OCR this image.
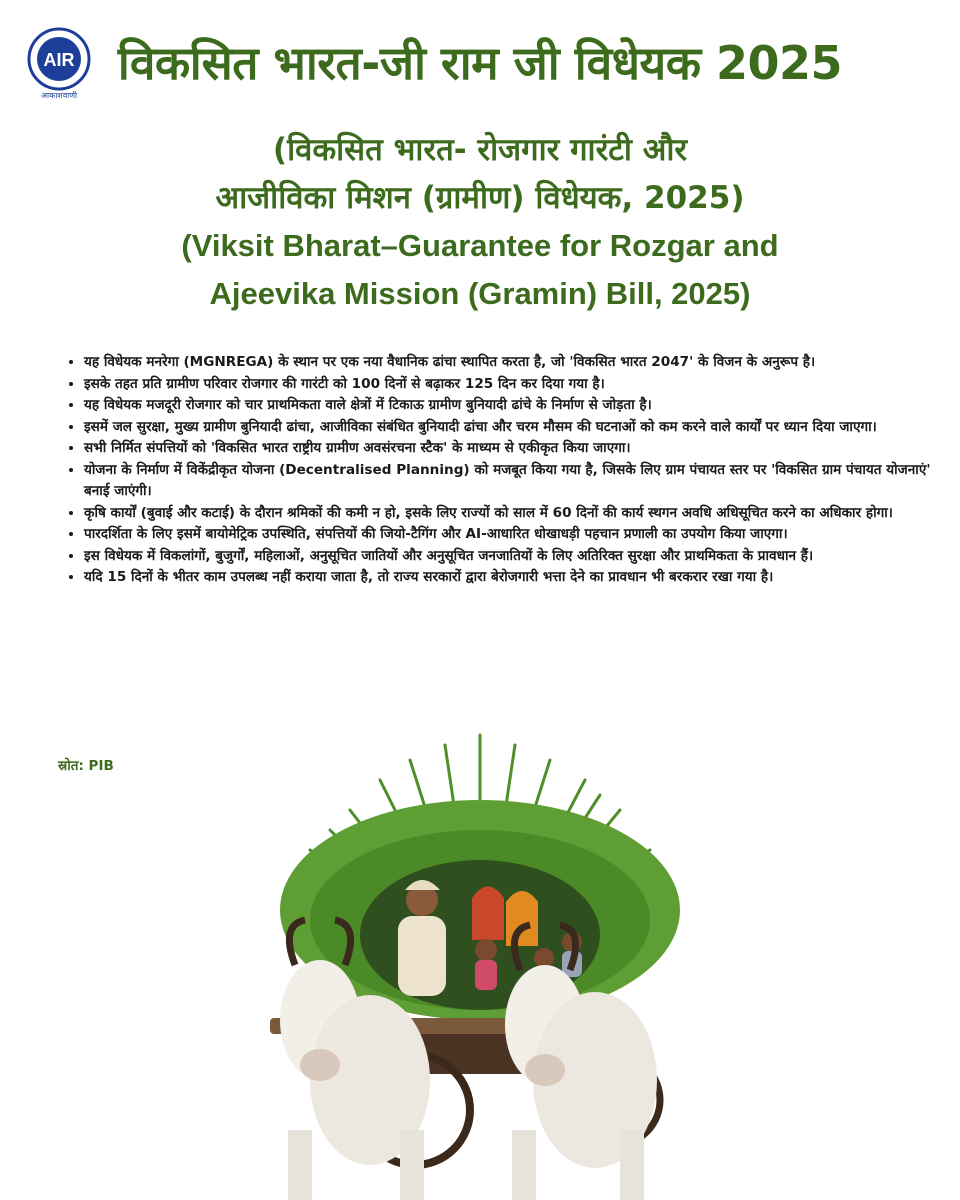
AIR
आकाशवाणी
विकसित भारत-जी राम जी विधेयक 2025
(विकसित भारत- रोजगार गारंटी और
आजीविका मिशन (ग्रामीण) विधेयक, 2025)
(Viksit Bharat–Guarantee for Rozgar and
Ajeevika Mission (Gramin) Bill, 2025)
• यह विधेयक मनरेगा (MGNREGA) के स्थान पर एक नया वैधानिक ढांचा स्थापित करता है, जो 'विकसित भारत 2047' के विजन के अनुरूप है।
• इसके तहत प्रति ग्रामीण परिवार रोजगार की गारंटी को 100 दिनों से बढ़ाकर 125 दिन कर दिया गया है।
• यह विधेयक मजदूरी रोजगार को चार प्राथमिकता वाले क्षेत्रों में टिकाऊ ग्रामीण बुनियादी ढांचे के निर्माण से जोड़ता है।
• इसमें जल सुरक्षा, मुख्य ग्रामीण बुनियादी ढांचा, आजीविका संबंधित बुनियादी ढांचा और चरम मौसम की घटनाओं को कम करने वाले कार्यों पर ध्यान दिया जाएगा।
• सभी निर्मित संपत्तियों को 'विकसित भारत राष्ट्रीय ग्रामीण अवसंरचना स्टैक' के माध्यम से एकीकृत किया जाएगा।
• योजना के निर्माण में विकेंद्रीकृत योजना (Decentralised Planning) को मजबूत किया गया है, जिसके लिए ग्राम पंचायत स्तर पर 'विकसित ग्राम पंचायत योजनाएं' बनाई जाएंगी।
• कृषि कार्यों (बुवाई और कटाई) के दौरान श्रमिकों की कमी न हो, इसके लिए राज्यों को साल में 60 दिनों की कार्य स्थगन अवधि अधिसूचित करने का अधिकार होगा।
• पारदर्शिता के लिए इसमें बायोमेट्रिक उपस्थिति, संपत्तियों की जियो-टैगिंग और AI-आधारित धोखाधड़ी पहचान प्रणाली का उपयोग किया जाएगा।
• इस विधेयक में विकलांगों, बुजुर्गों, महिलाओं, अनुसूचित जातियों और अनुसूचित जनजातियों के लिए अतिरिक्त सुरक्षा और प्राथमिकता के प्रावधान हैं।
• यदि 15 दिनों के भीतर काम उपलब्ध नहीं कराया जाता है, तो राज्य सरकारों द्वारा बेरोजगारी भत्ता देने का प्रावधान भी बरकरार रखा गया है।
स्रोत: PIB
